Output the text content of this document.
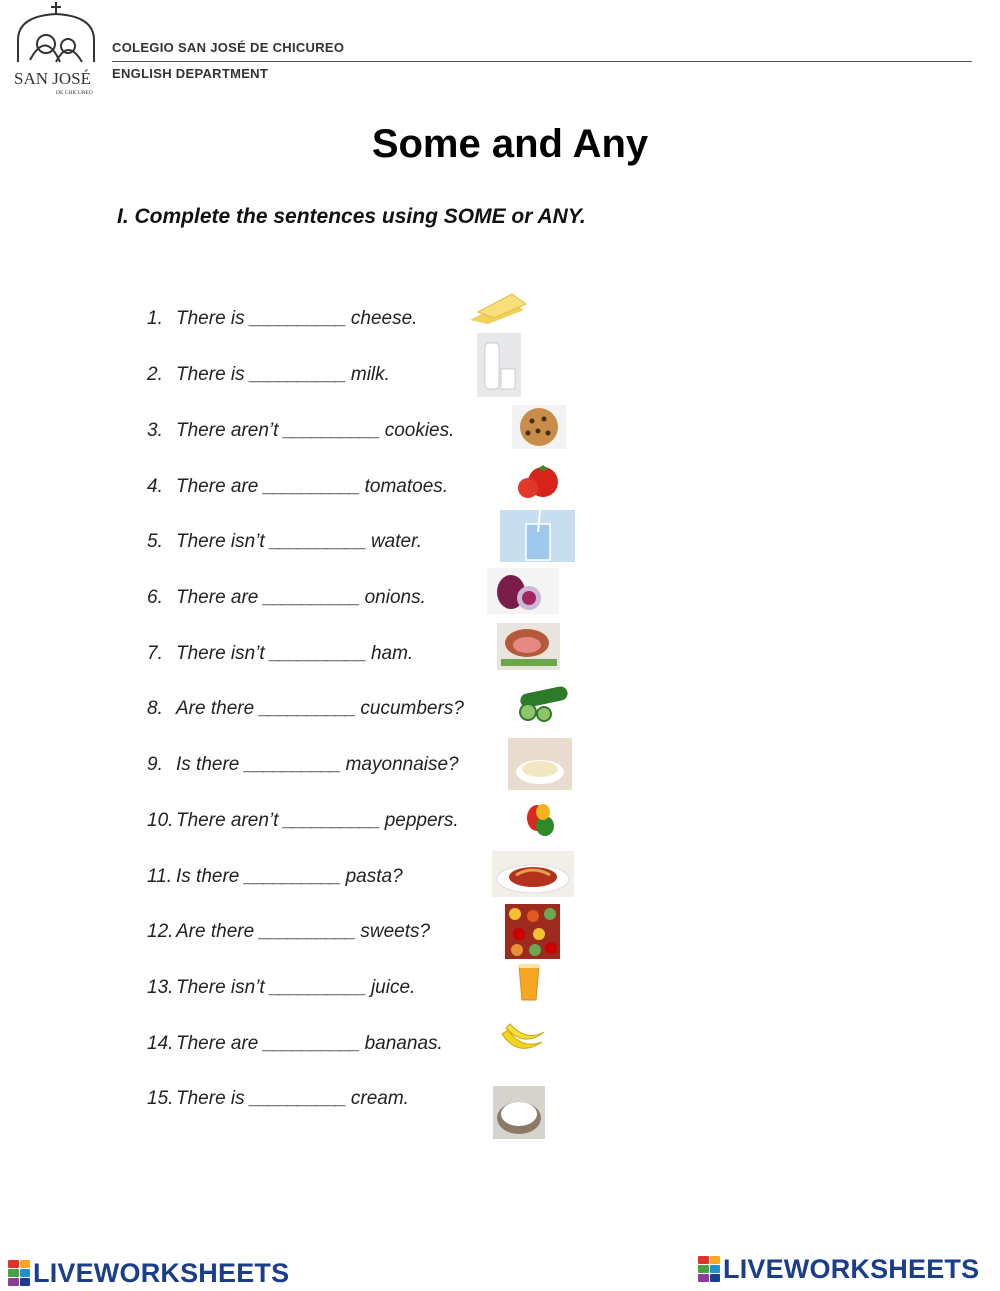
SAN JOSÉ
DE CHICUREO
COLEGIO SAN JOSÉ DE CHICUREO
ENGLISH DEPARTMENT
Some and Any
I. Complete the sentences using SOME or ANY.
1. There is __________ cheese.
2. There is __________ milk.
3. There aren’t __________ cookies.
4. There are __________ tomatoes.
5. There isn’t __________ water.
6. There are __________ onions.
7. There isn’t __________ ham.
8. Are there __________ cucumbers?
9. Is there __________ mayonnaise?
10. There aren’t __________ peppers.
11. Is there __________ pasta?
12. Are there __________ sweets?
13. There isn’t __________ juice.
14. There are __________ bananas.
15. There is __________ cream.
LIVEWORKSHEETS	LIVEWORKSHEETS
